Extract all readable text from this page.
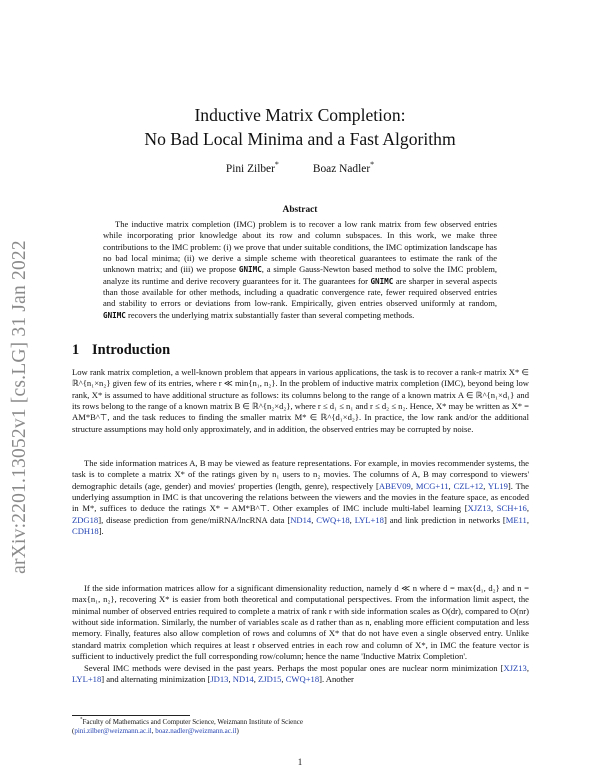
arXiv:2201.13052v1 [cs.LG] 31 Jan 2022
Inductive Matrix Completion:
No Bad Local Minima and a Fast Algorithm
Pini Zilber*	Boaz Nadler*
Abstract

The inductive matrix completion (IMC) problem is to recover a low rank matrix from few observed entries while incorporating prior knowledge about its row and column subspaces. In this work, we make three contributions to the IMC problem: (i) we prove that under suitable conditions, the IMC optimization landscape has no bad local minima; (ii) we derive a simple scheme with theoretical guarantees to estimate the rank of the unknown matrix; and (iii) we propose GNIMC, a simple Gauss-Newton based method to solve the IMC problem, analyze its runtime and derive recovery guarantees for it. The guarantees for GNIMC are sharper in several aspects than those available for other methods, including a quadratic convergence rate, fewer required observed entries and stability to errors or deviations from low-rank. Empirically, given entries observed uniformly at random, GNIMC recovers the underlying matrix substantially faster than several competing methods.

1 Introduction

Low rank matrix completion, a well-known problem that appears in various applications, the task is to recover a rank-r matrix X* ∈ ℝ^{n₁×n₂} given few of its entries, where r ≪ min{n₁, n₂}. In the problem of inductive matrix completion (IMC), beyond being low rank, X* is assumed to have additional structure as follows: its columns belong to the range of a known matrix A ∈ ℝ^{n₁×d₁} and its rows belong to the range of a known matrix B ∈ ℝ^{n₂×d₂}, where r ≤ d₁ ≤ n₁ and r ≤ d₂ ≤ n₂. Hence, X* may be written as X* = AM*B^⊤, and the task reduces to finding the smaller matrix M* ∈ ℝ^{d₁×d₂}. In practice, the low rank and/or the additional structure assumptions may hold only approximately, and in addition, the observed entries may be corrupted by noise.

The side information matrices A, B may be viewed as feature representations. For example, in movies recommender systems, the task is to complete a matrix X* of the ratings given by n₁ users to n₂ movies. The columns of A, B may correspond to viewers' demographic details (age, gender) and movies' properties (length, genre), respectively [ABEV09, MCG+11, CZL+12, YL19]. The underlying assumption in IMC is that uncovering the relations between the viewers and the movies in the feature space, as encoded in M*, suffices to deduce the ratings X* = AM*B^⊤. Other examples of IMC include multi-label learning [XJZ13, SCH+16, ZDG18], disease prediction from gene/miRNA/lncRNA data [ND14, CWQ+18, LYL+18] and link prediction in networks [ME11, CDH18].

If the side information matrices allow for a significant dimensionality reduction, namely d ≪ n where d = max{d₁, d₂} and n = max{n₁, n₂}, recovering X* is easier from both theoretical and computational perspectives. From the information limit aspect, the minimal number of observed entries required to complete a matrix of rank r with side information scales as O(dr), compared to O(nr) without side information. Similarly, the number of variables scale as d rather than as n, enabling more efficient computation and less memory. Finally, features also allow completion of rows and columns of X* that do not have even a single observed entry. Unlike standard matrix completion which requires at least r observed entries in each row and column of X*, in IMC the feature vector is sufficient to inductively predict the full corresponding row/column; hence the name 'Inductive Matrix Completion'.

Several IMC methods were devised in the past years. Perhaps the most popular ones are nuclear norm minimization [XJZ13, LYL+18] and alternating minimization [JD13, ND14, ZJD15, CWQ+18]. Another

*Faculty of Mathematics and Computer Science, Weizmann Institute of Science
(pini.zilber@weizmann.ac.il, boaz.nadler@weizmann.ac.il)
1
